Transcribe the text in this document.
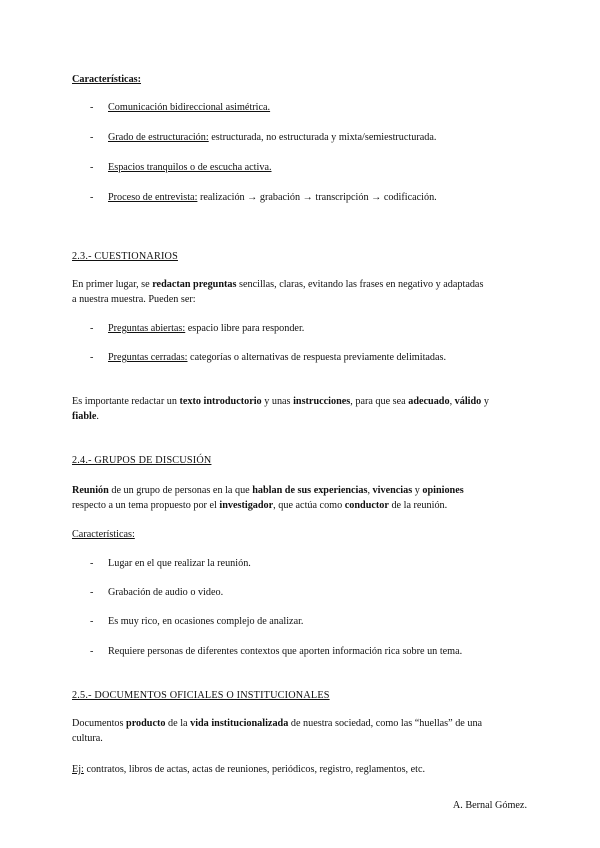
Características:
- Comunicación bidireccional asimétrica.
- Grado de estructuración: estructurada, no estructurada y mixta/semiestructurada.
- Espacios tranquilos o de escucha activa.
- Proceso de entrevista: realización → grabación → transcripción → codificación.
2.3.- CUESTIONARIOS
En primer lugar, se redactan preguntas sencillas, claras, evitando las frases en negativo y adaptadas
a nuestra muestra. Pueden ser:
- Preguntas abiertas: espacio libre para responder.
- Preguntas cerradas: categorías o alternativas de respuesta previamente delimitadas.
Es importante redactar un texto introductorio y unas instrucciones, para que sea adecuado, válido y
fiable.
2.4.- GRUPOS DE DISCUSIÓN
Reunión de un grupo de personas en la que hablan de sus experiencias, vivencias y opiniones
respecto a un tema propuesto por el investigador, que actúa como conductor de la reunión.
Características:
- Lugar en el que realizar la reunión.
- Grabación de audio o video.
- Es muy rico, en ocasiones complejo de analizar.
- Requiere personas de diferentes contextos que aporten información rica sobre un tema.
2.5.- DOCUMENTOS OFICIALES O INSTITUCIONALES
Documentos producto de la vida institucionalizada de nuestra sociedad, como las “huellas” de una
cultura.
Ej: contratos, libros de actas, actas de reuniones, periódicos, registro, reglamentos, etc.
A. Bernal Gómez.
